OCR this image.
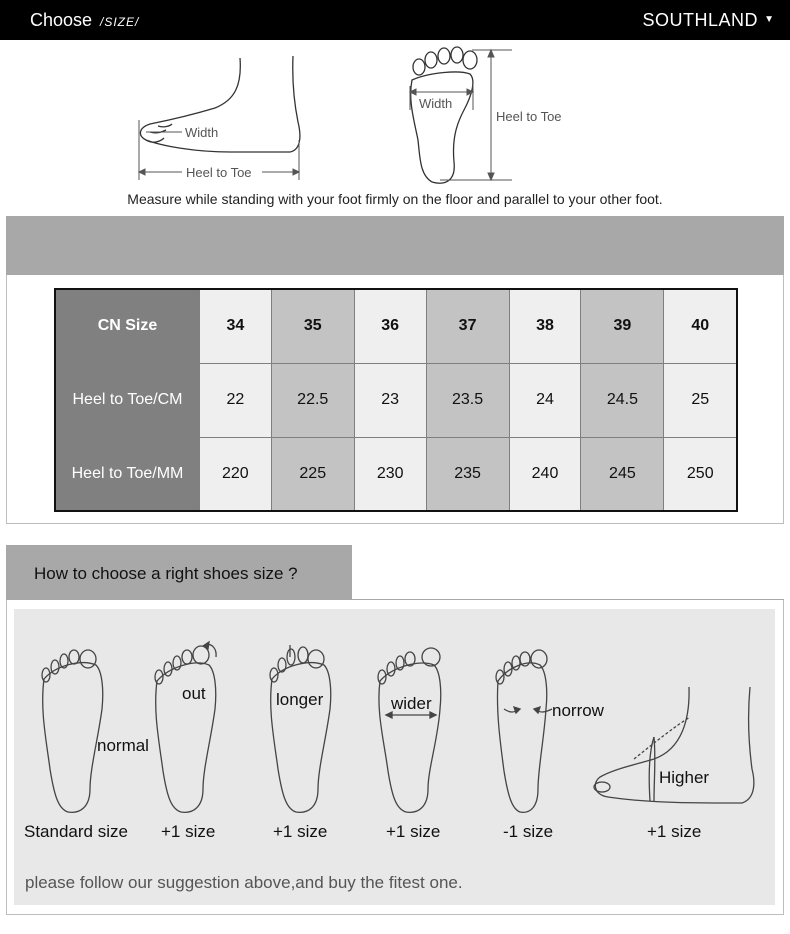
Choose /SIZE/	SOUTHLAND ▼
Width
Heel to Toe
Width
Heel to Toe
Measure while standing with your foot firmly on the floor and parallel to your other foot.
CN Size	34	35	36	37	38	39	40
Heel to Toe/CM	22	22.5	23	23.5	24	24.5	25
Heel to Toe/MM	220	225	230	235	240	245	250
How to choose a right shoes size ?
normal
out	longer	wider	norrow
Higher
Standard size +1 size	+1 size	+1 size	-1 size	+1 size
please follow our suggestion above,and buy the fitest one.
